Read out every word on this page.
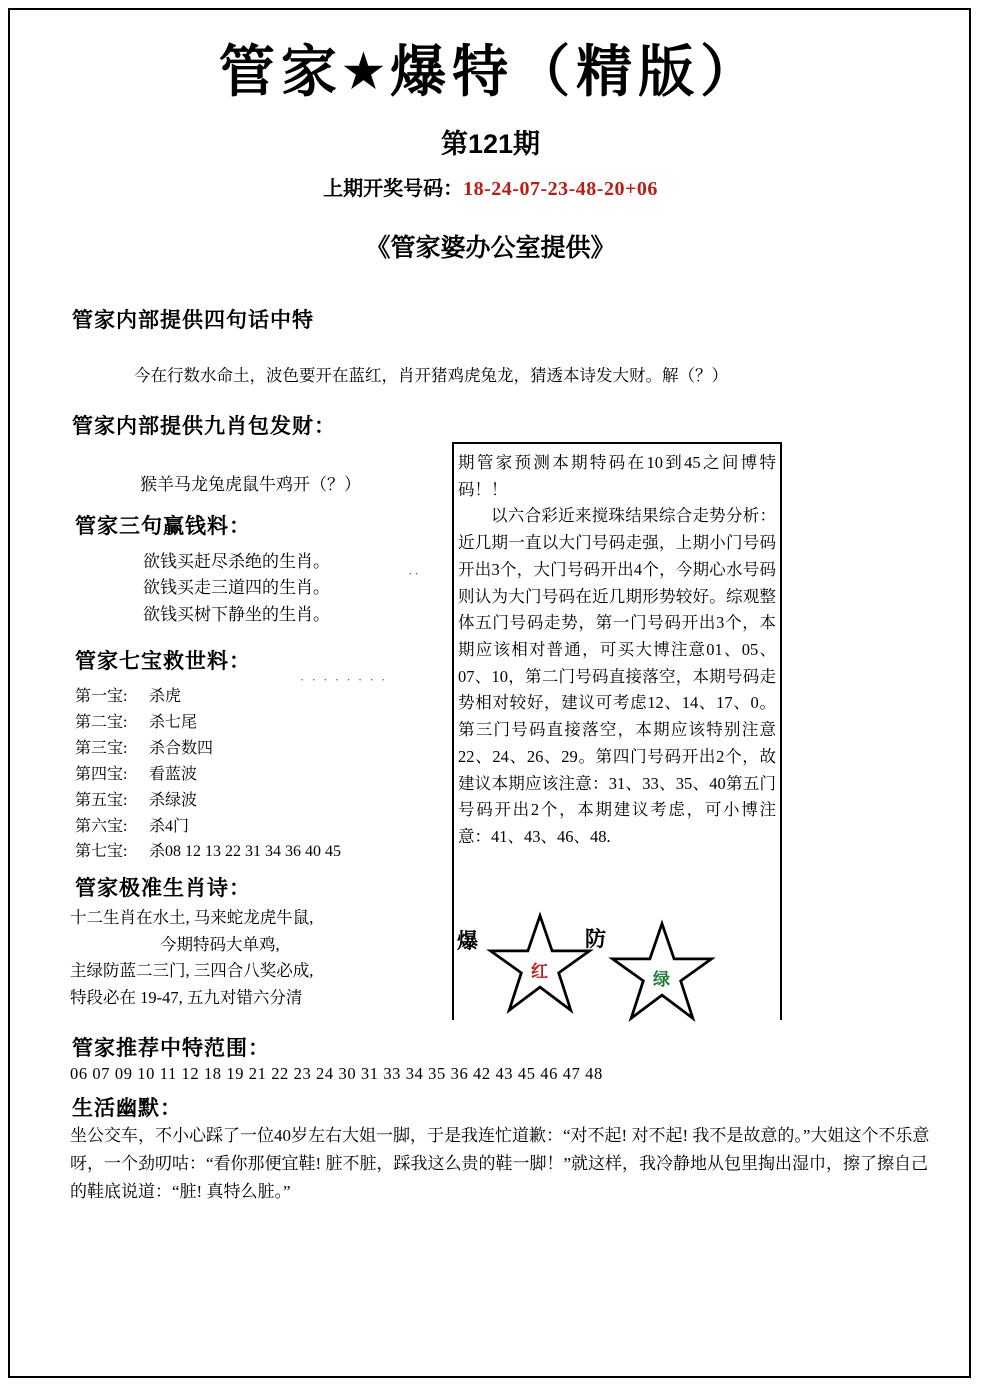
管家★爆特（精版）
第121期
上期开奖号码：18-24-07-23-48-20+06
《管家婆办公室提供》
管家内部提供四句话中特
今在行数水命土，波色要开在蓝红，肖开猪鸡虎兔龙，猜透本诗发大财。解（？）
管家内部提供九肖包发财：
猴羊马龙兔虎鼠牛鸡开（？）
管家三句赢钱料：
欲钱买赶尽杀绝的生肖。
欲钱买走三道四的生肖。
欲钱买树下静坐的生肖。
管家七宝救世料：
第一宝: 杀虎
第二宝: 杀七尾
第三宝: 杀合数四
第四宝: 看蓝波
第五宝: 杀绿波
第六宝: 杀4门
第七宝: 杀08 12 13 22 31 34 36 40 45
管家极准生肖诗：
十二生肖在水土, 马来蛇龙虎牛鼠,
今期特码大单鸡,
主绿防蓝二三门, 三四合八奖必成,
特段必在 19-47, 五九对错六分清
管家推荐中特范围：
06 07 09 10 11 12 18 19 21 22 23 24 30 31 33 34 35 36 42 43 45 46 47 48
生活幽默：
坐公交车，不小心踩了一位40岁左右大姐一脚，于是我连忙道歉：“对不起! 对不起! 我不是故意的。”大姐这个不乐意呀，一个劲叨咕：“看你那便宜鞋! 脏不脏，踩我这么贵的鞋一脚！”就这样，我冷静地从包里掏出湿巾，擦了擦自己的鞋底说道：“脏! 真特么脏。”
期管家预测本期特码在10到45之间博特码！！
以六合彩近来搅珠结果综合走势分析：近几期一直以大门号码走强，上期小门号码开出3个，大门号码开出4个，今期心水号码则认为大门号码在近几期形势较好。综观整体五门号码走势，第一门号码开出3个，本期应该相对普通，可买大博注意01、05、07、10，第二门号码直接落空，本期号码走势相对较好，建议可考虑12、14、17、0。第三门号码直接落空，本期应该特别注意22、24、26、29。第四门号码开出2个，故建议本期应该注意：31、33、35、40第五门号码开出2个，本期建议考虑，可小博注意：41、43、46、48.
··
· · · · · · · ·
爆	防
红	绿
